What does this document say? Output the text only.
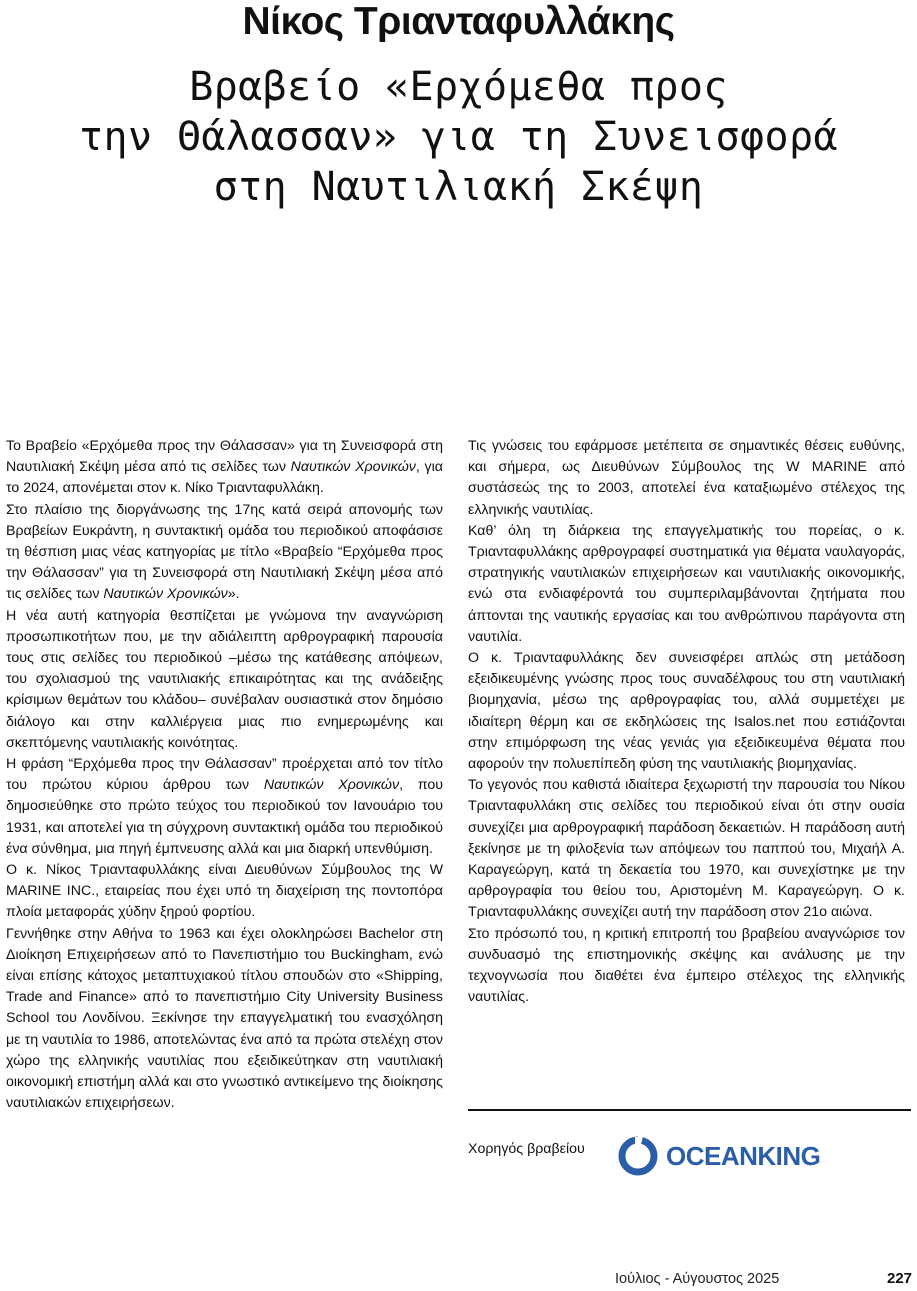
Νίκος Τριανταφυλλάκης
Βραβείο «Ερχόμεθα προς
την Θάλασσαν» για τη Συνεισφορά
στη Ναυτιλιακή Σκέψη

Το Βραβείο «Ερχόμεθα προς την Θάλασσαν» για τη Συνεισφορά στη Ναυτιλιακή Σκέψη μέσα από τις σελίδες των Ναυτικών Χρονικών, για το 2024, απονέμεται στον κ. Νίκο Τριανταφυλλάκη.

Στο πλαίσιο της διοργάνωσης της 17ης κατά σειρά απονομής των Βραβείων Ευκράντη, η συντακτική ομάδα του περιοδικού αποφάσισε τη θέσπιση μιας νέας κατηγορίας με τίτλο «Βραβείο “Ερχόμεθα προς την Θάλασσαν” για τη Συνεισφορά στη Ναυτιλιακή Σκέψη μέσα από τις σελίδες των Ναυτικών Χρονικών».

Η νέα αυτή κατηγορία θεσπίζεται με γνώμονα την αναγνώριση προσωπικοτήτων που, με την αδιάλειπτη αρθρογραφική παρουσία τους στις σελίδες του περιοδικού –μέσω της κατάθεσης απόψεων, του σχολιασμού της ναυτιλιακής επικαιρότητας και της ανάδειξης κρίσιμων θεμάτων του κλάδου– συνέβαλαν ουσιαστικά στον δημόσιο διάλογο και στην καλλιέργεια μιας πιο ενημερωμένης και σκεπτόμενης ναυτιλιακής κοινότητας.

Η φράση “Ερχόμεθα προς την Θάλασσαν” προέρχεται από τον τίτλο του πρώτου κύριου άρθρου των Ναυτικών Χρονικών, που δημοσιεύθηκε στο πρώτο τεύχος του περιοδικού τον Ιανουάριο του 1931, και αποτελεί για τη σύγχρονη συντακτική ομάδα του περιοδικού ένα σύνθημα, μια πηγή έμπνευσης αλλά και μια διαρκή υπενθύμιση.

Ο κ. Νίκος Τριανταφυλλάκης είναι Διευθύνων Σύμβουλος της W MARINE INC., εταιρείας που έχει υπό τη διαχείριση της ποντοπόρα πλοία μεταφοράς χύδην ξηρού φορτίου.

Γεννήθηκε στην Αθήνα το 1963 και έχει ολοκληρώσει Bachelor στη Διοίκηση Επιχειρήσεων από το Πανεπιστήμιο του Buckingham, ενώ είναι επίσης κάτοχος μεταπτυχιακού τίτλου σπουδών στο «Shipping, Trade and Finance» από το πανεπιστήμιο City University Business School του Λονδίνου. Ξεκίνησε την επαγγελματική του ενασχόληση με τη ναυτιλία το 1986, αποτελώντας ένα από τα πρώτα στελέχη στον χώρο της ελληνικής ναυτιλίας που εξειδικεύτηκαν στη ναυτιλιακή οικονομική επιστήμη αλλά και στο γνωστικό αντικείμενο της διοίκησης ναυτιλιακών επιχειρήσεων.

Τις γνώσεις του εφάρμοσε μετέπειτα σε σημαντικές θέσεις ευθύνης, και σήμερα, ως Διευθύνων Σύμβουλος της W MARINE από συστάσεώς της το 2003, αποτελεί ένα καταξιωμένο στέλεχος της ελληνικής ναυτιλίας.

Καθ’ όλη τη διάρκεια της επαγγελματικής του πορείας, ο κ. Τριανταφυλλάκης αρθρογραφεί συστηματικά για θέματα ναυλαγοράς, στρατηγικής ναυτιλιακών επιχειρήσεων και ναυτιλιακής οικονομικής, ενώ στα ενδιαφέροντά του συμπεριλαμβάνονται ζητήματα που άπτονται της ναυτικής εργασίας και του ανθρώπινου παράγοντα στη ναυτιλία.

Ο κ. Τριανταφυλλάκης δεν συνεισφέρει απλώς στη μετάδοση εξειδικευμένης γνώσης προς τους συναδέλφους του στη ναυτιλιακή βιομηχανία, μέσω της αρθρογραφίας του, αλλά συμμετέχει με ιδιαίτερη θέρμη και σε εκδηλώσεις της Isalos.net που εστιάζονται στην επιμόρφωση της νέας γενιάς για εξειδικευμένα θέματα που αφορούν την πολυεπίπεδη φύση της ναυτιλιακής βιομηχανίας.

Το γεγονός που καθιστά ιδιαίτερα ξεχωριστή την παρουσία του Νίκου Τριανταφυλλάκη στις σελίδες του περιοδικού είναι ότι στην ουσία συνεχίζει μια αρθρογραφική παράδοση δεκαετιών. Η παράδοση αυτή ξεκίνησε με τη φιλοξενία των απόψεων του παππού του, Μιχαήλ Α. Καραγεώργη, κατά τη δεκαετία του 1970, και συνεχίστηκε με την αρθρογραφία του θείου του, Αριστομένη Μ. Καραγεώργη. Ο κ. Τριανταφυλλάκης συνεχίζει αυτή την παράδοση στον 21ο αιώνα.

Στο πρόσωπό του, η κριτική επιτροπή του βραβείου αναγνώρισε τον συνδυασμό της επιστημονικής σκέψης και ανάλυσης με την τεχνογνωσία που διαθέτει ένα έμπειρο στέλεχος της ελληνικής ναυτιλίας.

Χορηγός βραβείου	OCEANKING
Ιούλιος - Αύγουστος 2025	227
